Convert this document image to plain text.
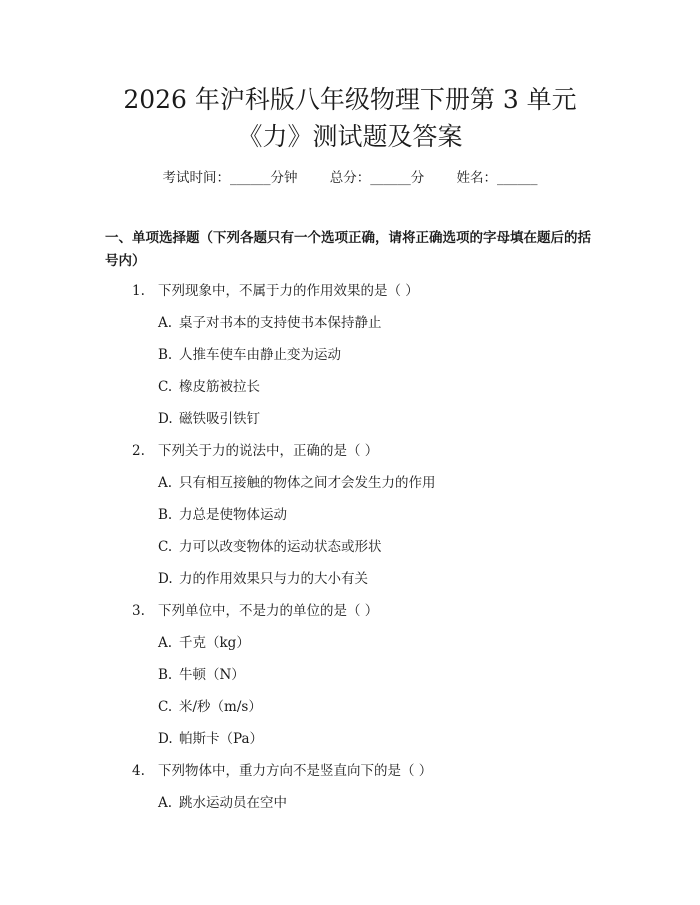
2026 年沪科版八年级物理下册第 3 单元
《力》测试题及答案
考试时间：______分钟 总分：______分 姓名：______
一、单项选择题（下列各题只有一个选项正确，请将正确选项的字母填在题后的括号内）
1. 下列现象中，不属于力的作用效果的是（ ）
A. 桌子对书本的支持使书本保持静止
B. 人推车使车由静止变为运动
C. 橡皮筋被拉长
D. 磁铁吸引铁钉
2. 下列关于力的说法中，正确的是（ ）
A. 只有相互接触的物体之间才会发生力的作用
B. 力总是使物体运动
C. 力可以改变物体的运动状态或形状
D. 力的作用效果只与力的大小有关
3. 下列单位中，不是力的单位的是（ ）
A. 千克（kg）
B. 牛顿（N）
C. 米/秒（m/s）
D. 帕斯卡（Pa）
4. 下列物体中，重力方向不是竖直向下的是（ ）
A. 跳水运动员在空中
